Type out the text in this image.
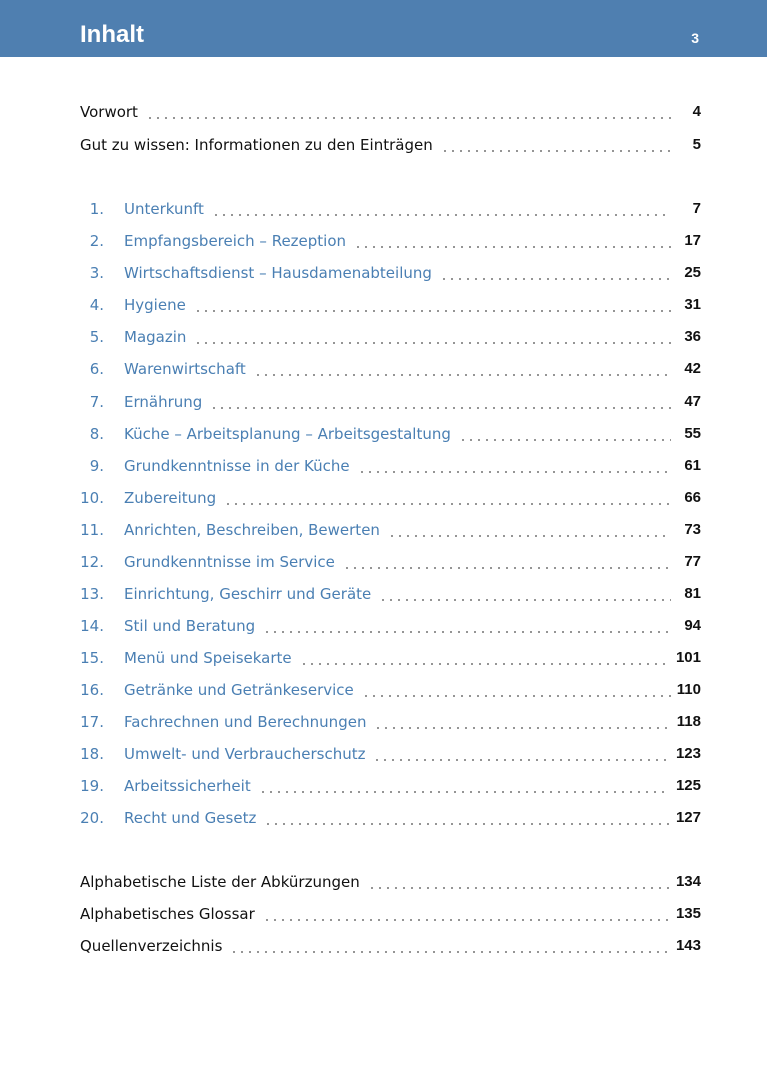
Inhalt	3
Vorwort	4
Gut zu wissen: Informationen zu den Einträgen	5
1.	Unterkunft	7
2.	Empfangsbereich – Rezeption	17
3.	Wirtschaftsdienst – Hausdamenabteilung	25
4.	Hygiene	31
5.	Magazin	36
6.	Warenwirtschaft	42
7.	Ernährung	47
8.	Küche – Arbeitsplanung – Arbeitsgestaltung	55
9.	Grundkenntnisse in der Küche	61
10.	Zubereitung	66
11.	Anrichten, Beschreiben, Bewerten	73
12.	Grundkenntnisse im Service	77
13.	Einrichtung, Geschirr und Geräte	81
14.	Stil und Beratung	94
15.	Menü und Speisekarte	101
16.	Getränke und Getränkeservice	110
17.	Fachrechnen und Berechnungen	118
18.	Umwelt- und Verbraucherschutz	123
19.	Arbeitssicherheit	125
20.	Recht und Gesetz	127
Alphabetische Liste der Abkürzungen	134
Alphabetisches Glossar	135
Quellenverzeichnis	143
